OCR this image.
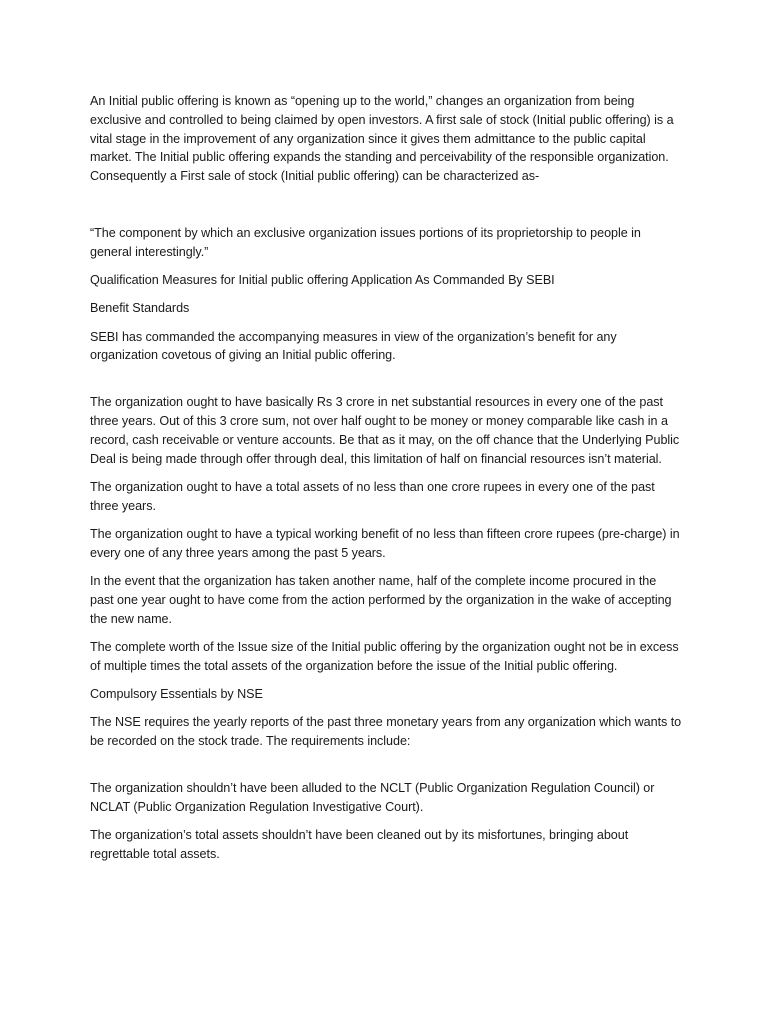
An Initial public offering is known as “opening up to the world,” changes an organization from being exclusive and controlled to being claimed by open investors. A first sale of stock (Initial public offering) is a vital stage in the improvement of any organization since it gives them admittance to the public capital market. The Initial public offering expands the standing and perceivability of the responsible organization. Consequently a First sale of stock (Initial public offering) can be characterized as-

“The component by which an exclusive organization issues portions of its proprietorship to people in general interestingly.”

Qualification Measures for Initial public offering Application As Commanded By SEBI

Benefit Standards

SEBI has commanded the accompanying measures in view of the organization’s benefit for any organization covetous of giving an Initial public offering.

The organization ought to have basically Rs 3 crore in net substantial resources in every one of the past three years. Out of this 3 crore sum, not over half ought to be money or money comparable like cash in a record, cash receivable or venture accounts. Be that as it may, on the off chance that the Underlying Public Deal is being made through offer through deal, this limitation of half on financial resources isn’t material.

The organization ought to have a total assets of no less than one crore rupees in every one of the past three years.

The organization ought to have a typical working benefit of no less than fifteen crore rupees (pre-charge) in every one of any three years among the past 5 years.

In the event that the organization has taken another name, half of the complete income procured in the past one year ought to have come from the action performed by the organization in the wake of accepting the new name.

The complete worth of the Issue size of the Initial public offering by the organization ought not be in excess of multiple times the total assets of the organization before the issue of the Initial public offering.

Compulsory Essentials by NSE

The NSE requires the yearly reports of the past three monetary years from any organization which wants to be recorded on the stock trade. The requirements include:

The organization shouldn’t have been alluded to the NCLT (Public Organization Regulation Council) or NCLAT (Public Organization Regulation Investigative Court).

The organization’s total assets shouldn’t have been cleaned out by its misfortunes, bringing about regrettable total assets.
